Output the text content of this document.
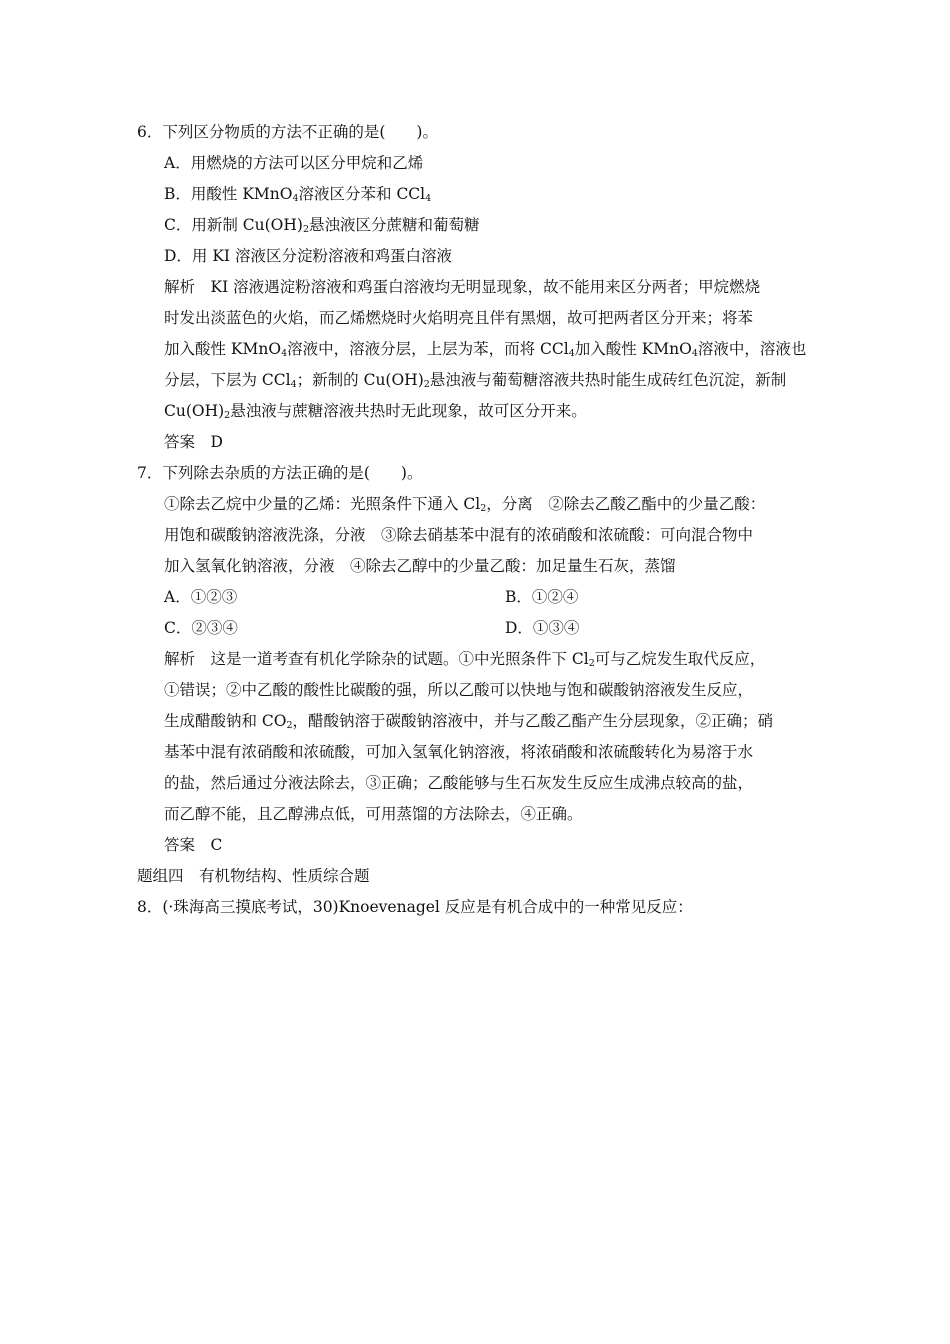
6．下列区分物质的方法不正确的是(　　)。
A．用燃烧的方法可以区分甲烷和乙烯
B．用酸性 KMnO$_4$溶液区分苯和 CCl$_4$
C．用新制 $Cu(OH)_2$悬浊液区分蔗糖和葡萄糖
D．用 KI 溶液区分淀粉溶液和鸡蛋白溶液
解析　KI 溶液遇淀粉溶液和鸡蛋白溶液均无明显现象，故不能用来区分两者；甲烷燃烧
时发出淡蓝色的火焰，而乙烯燃烧时火焰明亮且伴有黑烟，故可把两者区分开来；将苯
加入酸性 KMnO$_4$溶液中，溶液分层，上层为苯，而将 CCl$_4$加入酸性 KMnO$_4$溶液中，溶液也
分层，下层为 CCl$_4$；新制的 $Cu(OH)_2$悬浊液与葡萄糖溶液共热时能生成砖红色沉淀，新制
$Cu(OH)_2$悬浊液与蔗糖溶液共热时无此现象，故可区分开来。
答案　D
7．下列除去杂质的方法正确的是(　　)。
①除去乙烷中少量的乙烯：光照条件下通入 $Cl_2$，分离　②除去乙酸乙酯中的少量乙酸：
用饱和碳酸钠溶液洗涤，分液　③除去硝基苯中混有的浓硝酸和浓硫酸：可向混合物中
加入氢氧化钠溶液，分液　④除去乙醇中的少量乙酸：加足量生石灰，蒸馏
A．①②③	B．①②④
C．②③④	D．①③④
解析　这是一道考查有机化学除杂的试题。①中光照条件下 $Cl_2$可与乙烷发生取代反应，
①错误；②中乙酸的酸性比碳酸的强，所以乙酸可以快地与饱和碳酸钠溶液发生反应，
生成醋酸钠和 $CO_2$，醋酸钠溶于碳酸钠溶液中，并与乙酸乙酯产生分层现象，②正确；硝
基苯中混有浓硝酸和浓硫酸，可加入氢氧化钠溶液，将浓硝酸和浓硫酸转化为易溶于水
的盐，然后通过分液法除去，③正确；乙酸能够与生石灰发生反应生成沸点较高的盐，
而乙醇不能，且乙醇沸点低，可用蒸馏的方法除去，④正确。
答案　C
题组四　有机物结构、性质综合题
8．(·珠海高三摸底考试，30)Knoevenagel 反应是有机合成中的一种常见反应：
